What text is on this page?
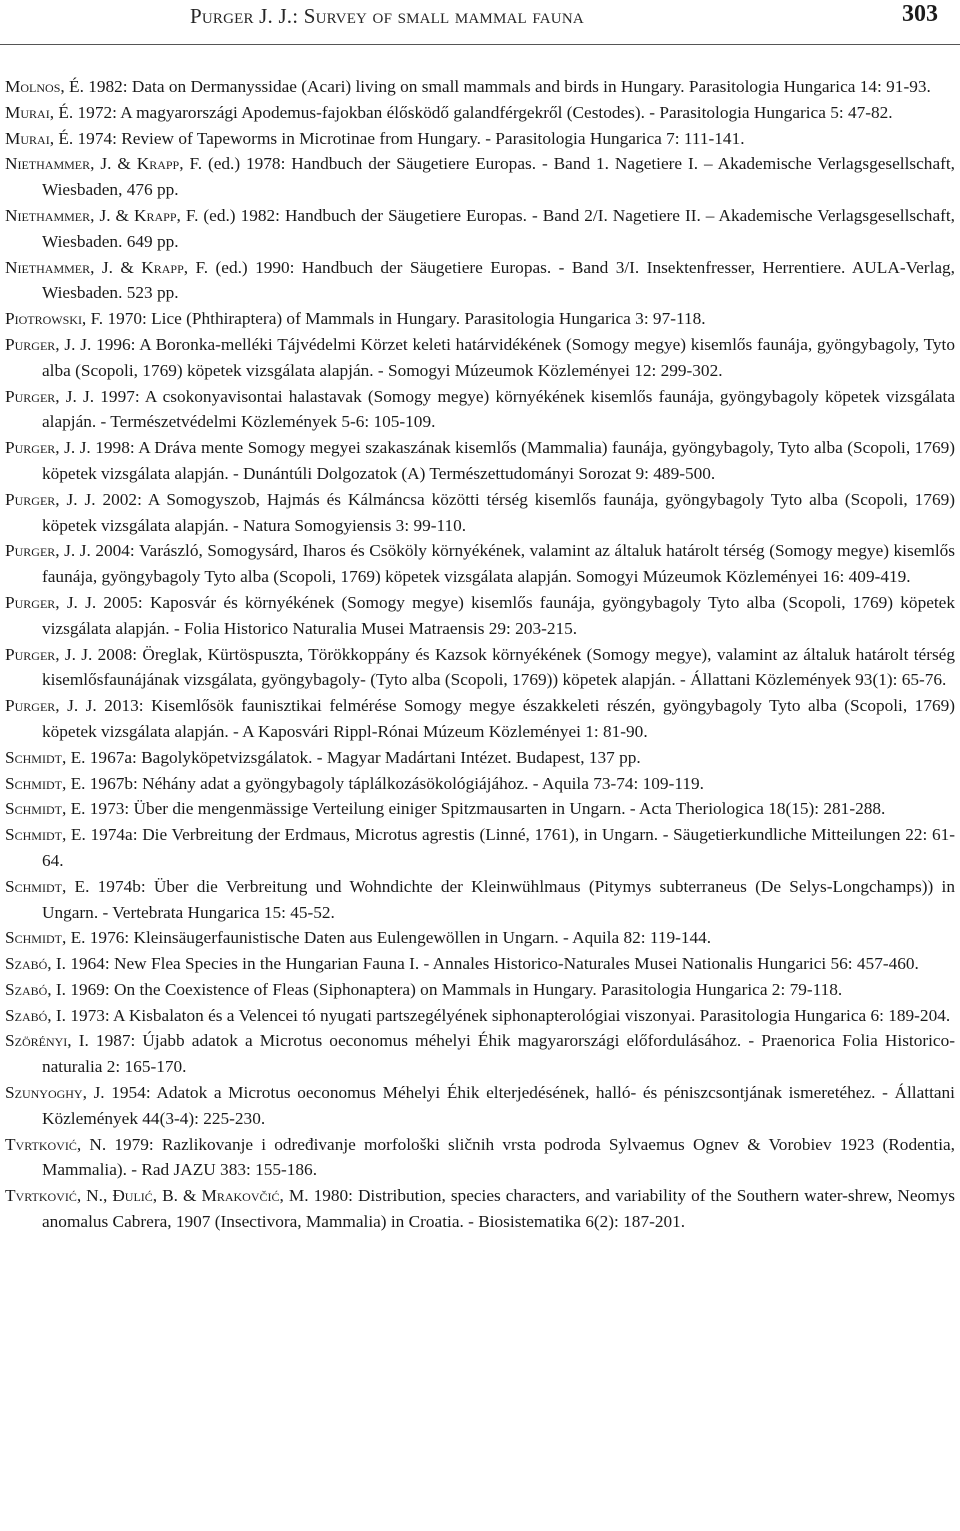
Purger J. J.: Survey of small mammal fauna	303
Molnos, É. 1982: Data on Dermanyssidae (Acari) living on small mammals and birds in Hungary. Parasitologia Hungarica 14: 91-93.
Murai, É. 1972: A magyarországi Apodemus-fajokban élősködő galandférgekről (Cestodes). - Parasitologia Hungarica 5: 47-82.
Murai, É. 1974: Review of Tapeworms in Microtinae from Hungary. - Parasitologia Hungarica 7: 111-141.
Niethammer, J. & Krapp, F. (ed.) 1978: Handbuch der Säugetiere Europas. - Band 1. Nagetiere I. – Akademische Verlagsgesellschaft, Wiesbaden, 476 pp.
Niethammer, J. & Krapp, F. (ed.) 1982: Handbuch der Säugetiere Europas. - Band 2/I. Nagetiere II. – Akademische Verlagsgesellschaft, Wiesbaden. 649 pp.
Niethammer, J. & Krapp, F. (ed.) 1990: Handbuch der Säugetiere Europas. - Band 3/I. Insektenfresser, Herrentiere. AULA-Verlag, Wiesbaden. 523 pp.
Piotrowski, F. 1970: Lice (Phthiraptera) of Mammals in Hungary. Parasitologia Hungarica 3: 97-118.
Purger, J. J. 1996: A Boronka-melléki Tájvédelmi Körzet keleti határvidékének (Somogy megye) kisemlős faunája, gyöngybagoly, Tyto alba (Scopoli, 1769) köpetek vizsgálata alapján. - Somogyi Múzeumok Közleményei 12: 299-302.
Purger, J. J. 1997: A csokonyavisontai halastavak (Somogy megye) környékének kisemlős faunája, gyöngybagoly köpetek vizsgálata alapján. - Természetvédelmi Közlemények 5-6: 105-109.
Purger, J. J. 1998: A Dráva mente Somogy megyei szakaszának kisemlős (Mammalia) faunája, gyöngybagoly, Tyto alba (Scopoli, 1769) köpetek vizsgálata alapján. - Dunántúli Dolgozatok (A) Természettudományi Sorozat 9: 489-500.
Purger, J. J. 2002: A Somogyszob, Hajmás és Kálmáncsa közötti térség kisemlős faunája, gyöngybagoly Tyto alba (Scopoli, 1769) köpetek vizsgálata alapján. - Natura Somogyiensis 3: 99-110.
Purger, J. J. 2004: Varászló, Somogysárd, Iharos és Csököly környékének, valamint az általuk határolt térség (Somogy megye) kisemlős faunája, gyöngybagoly Tyto alba (Scopoli, 1769) köpetek vizsgálata alapján. Somogyi Múzeumok Közleményei 16: 409-419.
Purger, J. J. 2005: Kaposvár és környékének (Somogy megye) kisemlős faunája, gyöngybagoly Tyto alba (Scopoli, 1769) köpetek vizsgálata alapján. - Folia Historico Naturalia Musei Matraensis 29: 203-215.
Purger, J. J. 2008: Öreglak, Kürtöspuszta, Törökkoppány és Kazsok környékének (Somogy megye), valamint az általuk határolt térség kisemlősfaunájának vizsgálata, gyöngybagoly- (Tyto alba (Scopoli, 1769)) köpetek alapján. - Állattani Közlemények 93(1): 65-76.
Purger, J. J. 2013: Kisemlősök faunisztikai felmérése Somogy megye északkeleti részén, gyöngybagoly Tyto alba (Scopoli, 1769) köpetek vizsgálata alapján. - A Kaposvári Rippl-Rónai Múzeum Közleményei 1: 81-90.
Schmidt, E. 1967a: Bagolyköpetvizsgálatok. - Magyar Madártani Intézet. Budapest, 137 pp.
Schmidt, E. 1967b: Néhány adat a gyöngybagoly táplálkozásökológiájához. - Aquila 73-74: 109-119.
Schmidt, E. 1973: Über die mengenmässige Verteilung einiger Spitzmausarten in Ungarn. - Acta Theriologica 18(15): 281-288.
Schmidt, E. 1974a: Die Verbreitung der Erdmaus, Microtus agrestis (Linné, 1761), in Ungarn. - Säugetierkundliche Mitteilungen 22: 61-64.
Schmidt, E. 1974b: Über die Verbreitung und Wohndichte der Kleinwühlmaus (Pitymys subterraneus (De Selys-Longchamps)) in Ungarn. - Vertebrata Hungarica 15: 45-52.
Schmidt, E. 1976: Kleinsäugerfaunistische Daten aus Eulengewöllen in Ungarn. - Aquila 82: 119-144.
Szabó, I. 1964: New Flea Species in the Hungarian Fauna I. - Annales Historico-Naturales Musei Nationalis Hungarici 56: 457-460.
Szabó, I. 1969: On the Coexistence of Fleas (Siphonaptera) on Mammals in Hungary. Parasitologia Hungarica 2: 79-118.
Szabó, I. 1973: A Kisbalaton és a Velencei tó nyugati partszegélyének siphonapterológiai viszonyai. Parasitologia Hungarica 6: 189-204.
Szörényi, I. 1987: Újabb adatok a Microtus oeconomus méhelyi Éhik magyarországi előfordulásához. - Praenorica Folia Historico-naturalia 2: 165-170.
Szunyoghy, J. 1954: Adatok a Microtus oeconomus Méhelyi Éhik elterjedésének, halló- és péniszcsontjának ismeretéhez. - Állattani Közlemények 44(3-4): 225-230.
Tvrtković, N. 1979: Razlikovanje i određivanje morfološki sličnih vrsta podroda Sylvaemus Ognev & Vorobiev 1923 (Rodentia, Mammalia). - Rad JAZU 383: 155-186.
Tvrtković, N., Đulić, B. & Mrakovčić, M. 1980: Distribution, species characters, and variability of the Southern water-shrew, Neomys anomalus Cabrera, 1907 (Insectivora, Mammalia) in Croatia. - Biosistematika 6(2): 187-201.
